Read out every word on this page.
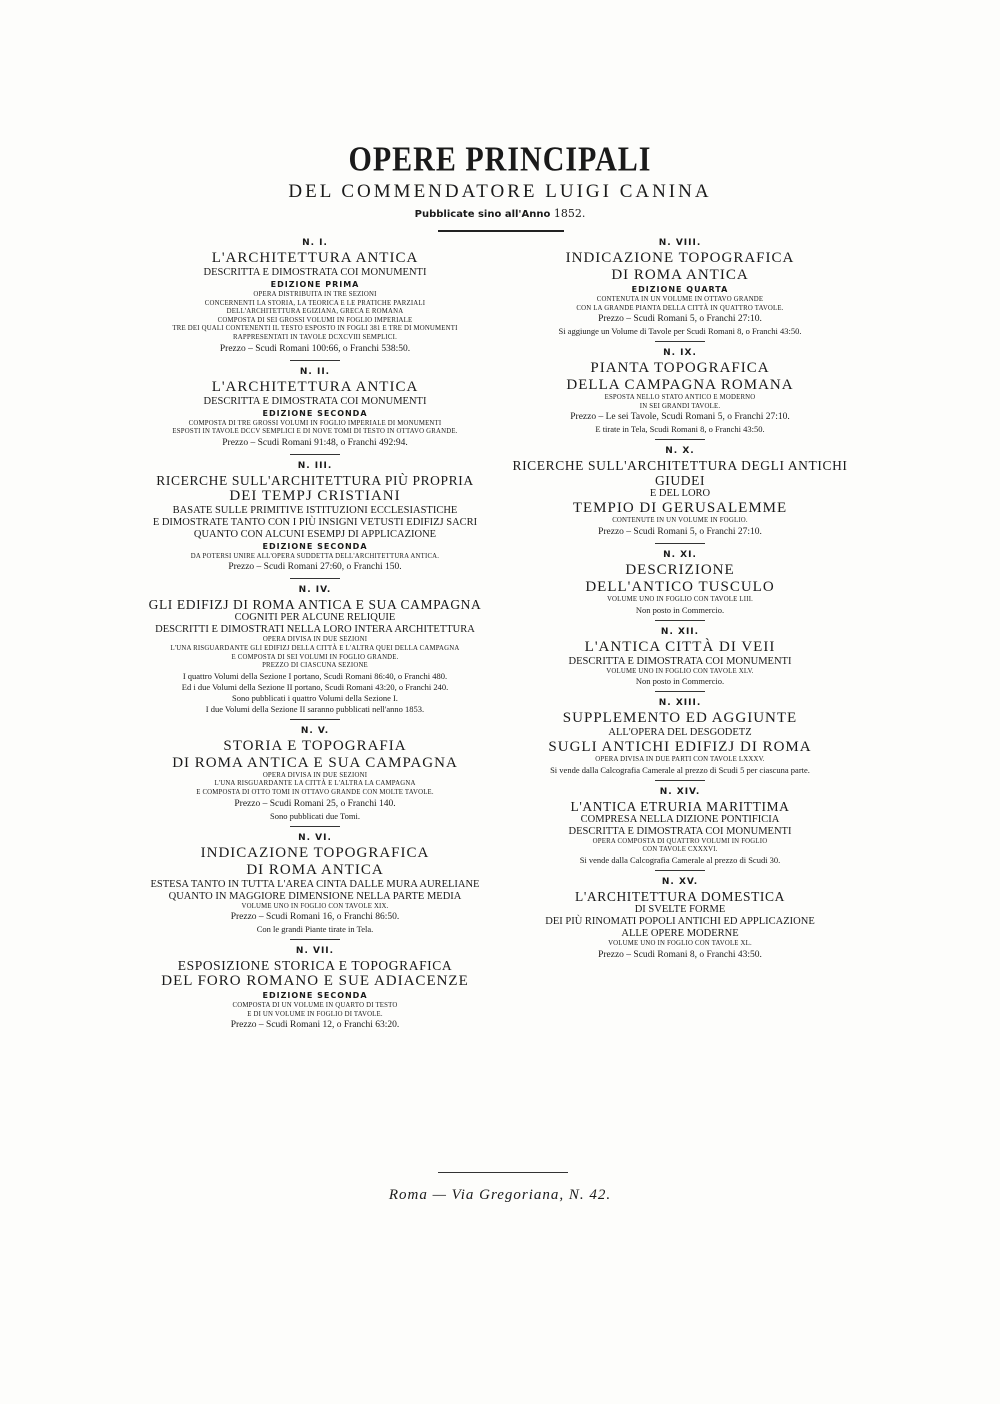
OPERE PRINCIPALI
DEL COMMENDATORE LUIGI CANINA
Pubblicate sino all'Anno 1852.
N. I.
L'ARCHITETTURA ANTICA
DESCRITTA E DIMOSTRATA COI MONUMENTI
EDIZIONE PRIMA
OPERA DISTRIBUITA IN TRE SEZIONI
CONCERNENTI LA STORIA, LA TEORICA E LE PRATICHE PARZIALI
DELL'ARCHITETTURA EGIZIANA, GRECA E ROMANA
COMPOSTA DI SEI GROSSI VOLUMI IN FOGLIO IMPERIALE
TRE DEI QUALI CONTENENTI IL TESTO ESPOSTO IN FOGLI 381 E TRE DI MONUMENTI
RAPPRESENTATI IN TAVOLE DCXCVIII SEMPLICI.
Prezzo – Scudi Romani 100:66, o Franchi 538:50.
N. II.
L'ARCHITETTURA ANTICA
DESCRITTA E DIMOSTRATA COI MONUMENTI
EDIZIONE SECONDA
COMPOSTA DI TRE GROSSI VOLUMI IN FOGLIO IMPERIALE DI MONUMENTI
ESPOSTI IN TAVOLE DCCV SEMPLICI E DI NOVE TOMI DI TESTO IN OTTAVO GRANDE.
Prezzo – Scudi Romani 91:48, o Franchi 492:94.
N. III.
RICERCHE SULL'ARCHITETTURA PIÙ PROPRIA
DEI TEMPJ CRISTIANI
BASATE SULLE PRIMITIVE ISTITUZIONI ECCLESIASTICHE
E DIMOSTRATE TANTO CON I PIÙ INSIGNI VETUSTI EDIFIZJ SACRI
QUANTO CON ALCUNI ESEMPJ DI APPLICAZIONE
EDIZIONE SECONDA
DA POTERSI UNIRE ALL'OPERA SUDDETTA DELL'ARCHITETTURA ANTICA.
Prezzo – Scudi Romani 27:60, o Franchi 150.
N. IV.
GLI EDIFIZJ DI ROMA ANTICA E SUA CAMPAGNA
COGNITI PER ALCUNE RELIQUIE
DESCRITTI E DIMOSTRATI NELLA LORO INTERA ARCHITETTURA
OPERA DIVISA IN DUE SEZIONI
L'UNA RISGUARDANTE GLI EDIFIZJ DELLA CITTÀ E L'ALTRA QUEI DELLA CAMPAGNA
E COMPOSTA DI SEI VOLUMI IN FOGLIO GRANDE.
PREZZO DI CIASCUNA SEZIONE
I quattro Volumi della Sezione I portano, Scudi Romani 86:40, o Franchi 480.
Ed i due Volumi della Sezione II portano, Scudi Romani 43:20, o Franchi 240.
Sono pubblicati i quattro Volumi della Sezione I.
I due Volumi della Sezione II saranno pubblicati nell'anno 1853.
N. V.
STORIA E TOPOGRAFIA
DI ROMA ANTICA E SUA CAMPAGNA
OPERA DIVISA IN DUE SEZIONI
L'UNA RISGUARDANTE LA CITTÀ E L'ALTRA LA CAMPAGNA
E COMPOSTA DI OTTO TOMI IN OTTAVO GRANDE CON MOLTE TAVOLE.
Prezzo – Scudi Romani 25, o Franchi 140.
Sono pubblicati due Tomi.
N. VI.
INDICAZIONE TOPOGRAFICA
DI ROMA ANTICA
ESTESA TANTO IN TUTTA L'AREA CINTA DALLE MURA AURELIANE
QUANTO IN MAGGIORE DIMENSIONE NELLA PARTE MEDIA
VOLUME UNO IN FOGLIO CON TAVOLE XIX.
Prezzo – Scudi Romani 16, o Franchi 86:50.
Con le grandi Piante tirate in Tela.
N. VII.
ESPOSIZIONE STORICA E TOPOGRAFICA
DEL FORO ROMANO E SUE ADIACENZE
EDIZIONE SECONDA
COMPOSTA DI UN VOLUME IN QUARTO DI TESTO
E DI UN VOLUME IN FOGLIO DI TAVOLE.
Prezzo – Scudi Romani 12, o Franchi 63:20.
N. VIII.
INDICAZIONE TOPOGRAFICA
DI ROMA ANTICA
EDIZIONE QUARTA
CONTENUTA IN UN VOLUME IN OTTAVO GRANDE
CON LA GRANDE PIANTA DELLA CITTÀ IN QUATTRO TAVOLE.
Prezzo – Scudi Romani 5, o Franchi 27:10.
Si aggiunge un Volume di Tavole per Scudi Romani 8, o Franchi 43:50.
N. IX.
PIANTA TOPOGRAFICA
DELLA CAMPAGNA ROMANA
ESPOSTA NELLO STATO ANTICO E MODERNO
IN SEI GRANDI TAVOLE.
Prezzo – Le sei Tavole, Scudi Romani 5, o Franchi 27:10.
E tirate in Tela, Scudi Romani 8, o Franchi 43:50.
N. X.
RICERCHE SULL'ARCHITETTURA DEGLI ANTICHI GIUDEI
E DEL LORO
TEMPIO DI GERUSALEMME
CONTENUTE IN UN VOLUME IN FOGLIO.
Prezzo – Scudi Romani 5, o Franchi 27:10.
N. XI.
DESCRIZIONE
DELL'ANTICO TUSCULO
VOLUME UNO IN FOGLIO CON TAVOLE LIII.
Non posto in Commercio.
N. XII.
L'ANTICA CITTÀ DI VEII
DESCRITTA E DIMOSTRATA COI MONUMENTI
VOLUME UNO IN FOGLIO CON TAVOLE XLV.
Non posto in Commercio.
N. XIII.
SUPPLEMENTO ED AGGIUNTE
ALL'OPERA DEL DESGODETZ
SUGLI ANTICHI EDIFIZJ DI ROMA
OPERA DIVISA IN DUE PARTI CON TAVOLE LXXXV.
Si vende dalla Calcografia Camerale al prezzo di Scudi 5 per ciascuna parte.
N. XIV.
L'ANTICA ETRURIA MARITTIMA
COMPRESA NELLA DIZIONE PONTIFICIA
DESCRITTA E DIMOSTRATA COI MONUMENTI
OPERA COMPOSTA DI QUATTRO VOLUMI IN FOGLIO
CON TAVOLE CXXXVI.
Si vende dalla Calcografia Camerale al prezzo di Scudi 30.
N. XV.
L'ARCHITETTURA DOMESTICA
DI SVELTE FORME
DEI PIÙ RINOMATI POPOLI ANTICHI ED APPLICAZIONE
ALLE OPERE MODERNE
VOLUME UNO IN FOGLIO CON TAVOLE XL.
Prezzo – Scudi Romani 8, o Franchi 43:50.
Roma — Via Gregoriana, N. 42.
